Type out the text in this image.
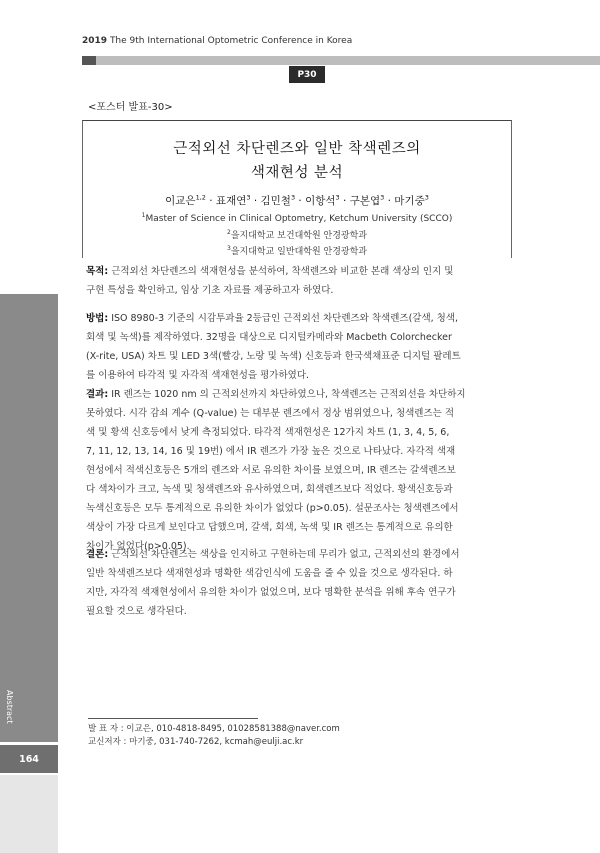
2019 The 9th International Optometric Conference in Korea
P30
<포스터 발표-30>
근적외선 차단렌즈와 일반 착색렌즈의
색재현성 분석
이교은$^{1,2}$ · 표재연$^3$ · 김민철$^3$ · 이항석$^3$ · 구본엽$^3$ · 마기중$^3$
$^1$Master of Science in Clinical Optometry, Ketchum University (SCCO)
$^2$을지대학교 보건대학원 안경광학과
$^3$을지대학교 일반대학원 안경광학과
목적: 근적외선 차단렌즈의 색재현성을 분석하여, 착색렌즈와 비교한 본래 색상의 인지 및
구현 특성을 확인하고, 임상 기초 자료를 제공하고자 하였다.
방법: ISO 8980-3 기준의 시감투과율 2등급인 근적외선 차단렌즈와 착색렌즈(갈색, 청색,
회색 및 녹색)를 제작하였다. 32명을 대상으로 디지털카메라와 Macbeth Colorchecker
(X-rite, USA) 차트 및 LED 3색(빨강, 노랑 및 녹색) 신호등과 한국색채표준 디지털 팔레트
를 이용하여 타각적 및 자각적 색재현성을 평가하였다.
결과: IR 렌즈는 1020 nm 의 근적외선까지 차단하였으나, 착색렌즈는 근적외선을 차단하지
못하였다. 시각 감쇠 계수 (Q-value) 는 대부분 렌즈에서 정상 범위였으나, 청색렌즈는 적
색 및 황색 신호등에서 낮게 측정되었다. 타각적 색재현성은 12가지 차트 (1, 3, 4, 5, 6,
7, 11, 12, 13, 14, 16 및 19번) 에서 IR 렌즈가 가장 높은 것으로 나타났다. 자각적 색재
현성에서 적색신호등은 5개의 렌즈와 서로 유의한 차이를 보였으며, IR 렌즈는 갈색렌즈보
다 색차이가 크고, 녹색 및 청색렌즈와 유사하였으며, 회색렌즈보다 적었다. 황색신호등과
녹색신호등은 모두 통계적으로 유의한 차이가 없었다 (p>0.05). 설문조사는 청색렌즈에서
색상이 가장 다르게 보인다고 답했으며, 갈색, 회색, 녹색 및 IR 렌즈는 통계적으로 유의한
차이가 없었다(p>0.05).
결론: 근적외선 차단렌즈는 색상을 인지하고 구현하는데 무리가 없고, 근적외선의 환경에서
일반 착색렌즈보다 색재현성과 명확한 색감인식에 도움을 줄 수 있을 것으로 생각된다. 하
지만, 자각적 색재현성에서 유의한 차이가 없었으며, 보다 명확한 분석을 위해 후속 연구가
필요할 것으로 생각된다.
발 표 자 : 이교은, 010-4818-8495, 01028581388@naver.com
교신저자 : 마기중, 031-740-7262, kcmah@eulji.ac.kr
Abstract
164
